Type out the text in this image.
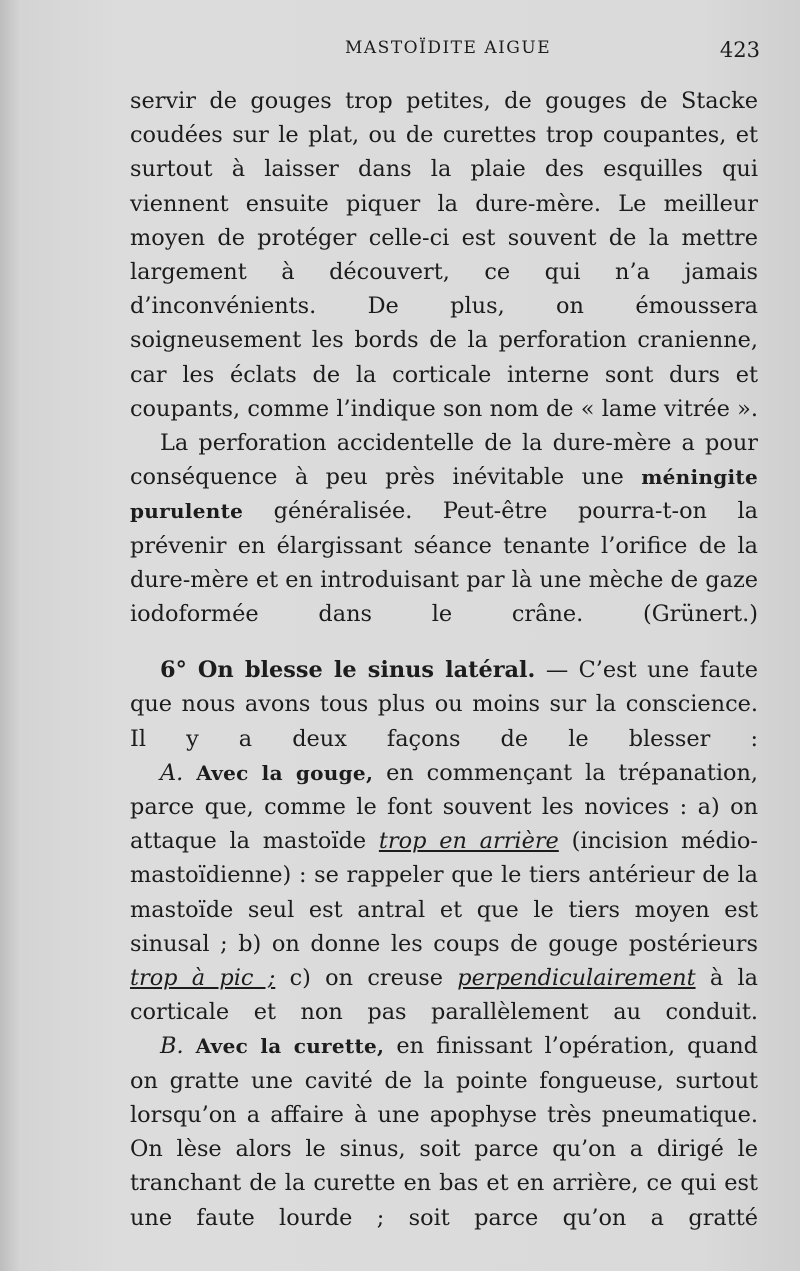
MASTOÏDITE AIGUE	423

servir de gouges trop petites, de gouges de Stacke coudées sur le plat, ou de curettes trop coupantes, et surtout à laisser dans la plaie des esquilles qui viennent ensuite piquer la dure-mère. Le meilleur moyen de protéger celle-ci est souvent de la mettre largement à découvert, ce qui n’a jamais d’inconvénients. De plus, on émoussera soigneusement les bords de la perforation cranienne, car les éclats de la corticale interne sont durs et coupants, comme l’indique son nom de « lame vitrée ».

La perforation accidentelle de la dure-mère a pour conséquence à peu près inévitable une méningite purulente généralisée. Peut-être pourra-t-on la prévenir en élargissant séance tenante l’orifice de la dure-mère et en introduisant par là une mèche de gaze iodoformée dans le crâne. (Grünert.)

6° On blesse le sinus latéral. — C’est une faute que nous avons tous plus ou moins sur la conscience. Il y a deux façons de le blesser :

A. Avec la gouge, en commençant la trépanation, parce que, comme le font souvent les novices : a) on attaque la mastoïde trop en arrière (incision médio-mastoïdienne) : se rappeler que le tiers antérieur de la mastoïde seul est antral et que le tiers moyen est sinusal ; b) on donne les coups de gouge postérieurs trop à pic ; c) on creuse perpendiculairement à la corticale et non pas parallèlement au conduit.

B. Avec la curette, en finissant l’opération, quand on gratte une cavité de la pointe fongueuse, surtout lorsqu’on a affaire à une apophyse très pneumatique. On lèse alors le sinus, soit parce qu’on a dirigé le tranchant de la curette en bas et en arrière, ce qui est une faute lourde ; soit parce qu’on a gratté
